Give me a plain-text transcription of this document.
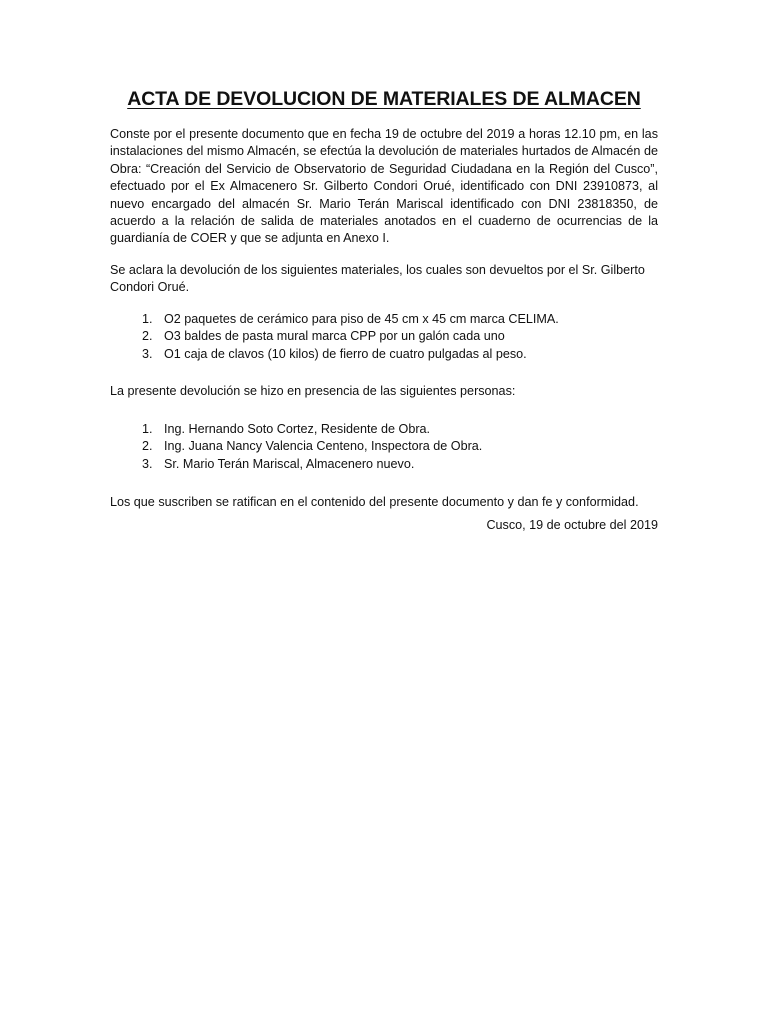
ACTA DE DEVOLUCION DE MATERIALES DE ALMACEN

Conste por el presente documento que en fecha 19 de octubre del 2019 a horas 12.10 pm, en las instalaciones del mismo Almacén, se efectúa la devolución de materiales hurtados de Almacén de Obra: “Creación del Servicio de Observatorio de Seguridad Ciudadana en la Región del Cusco”, efectuado por el Ex Almacenero Sr. Gilberto Condori Orué, identificado con DNI 23910873, al nuevo encargado del almacén Sr. Mario Terán Mariscal identificado con DNI 23818350, de acuerdo a la relación de salida de materiales anotados en el cuaderno de ocurrencias de la guardianía de COER y que se adjunta en Anexo I.

Se aclara la devolución de los siguientes materiales, los cuales son devueltos por el Sr. Gilberto Condori Orué.

1. O2 paquetes de cerámico para piso de 45 cm x 45 cm marca CELIMA.
2. O3 baldes de pasta mural marca CPP por un galón cada uno
3. O1 caja de clavos (10 kilos) de fierro de cuatro pulgadas al peso.

La presente devolución se hizo en presencia de las siguientes personas:

1. Ing. Hernando Soto Cortez, Residente de Obra.
2. Ing. Juana Nancy Valencia Centeno, Inspectora de Obra.
3. Sr. Mario Terán Mariscal, Almacenero nuevo.

Los que suscriben se ratifican en el contenido del presente documento y dan fe y conformidad.

Cusco, 19 de octubre del 2019
